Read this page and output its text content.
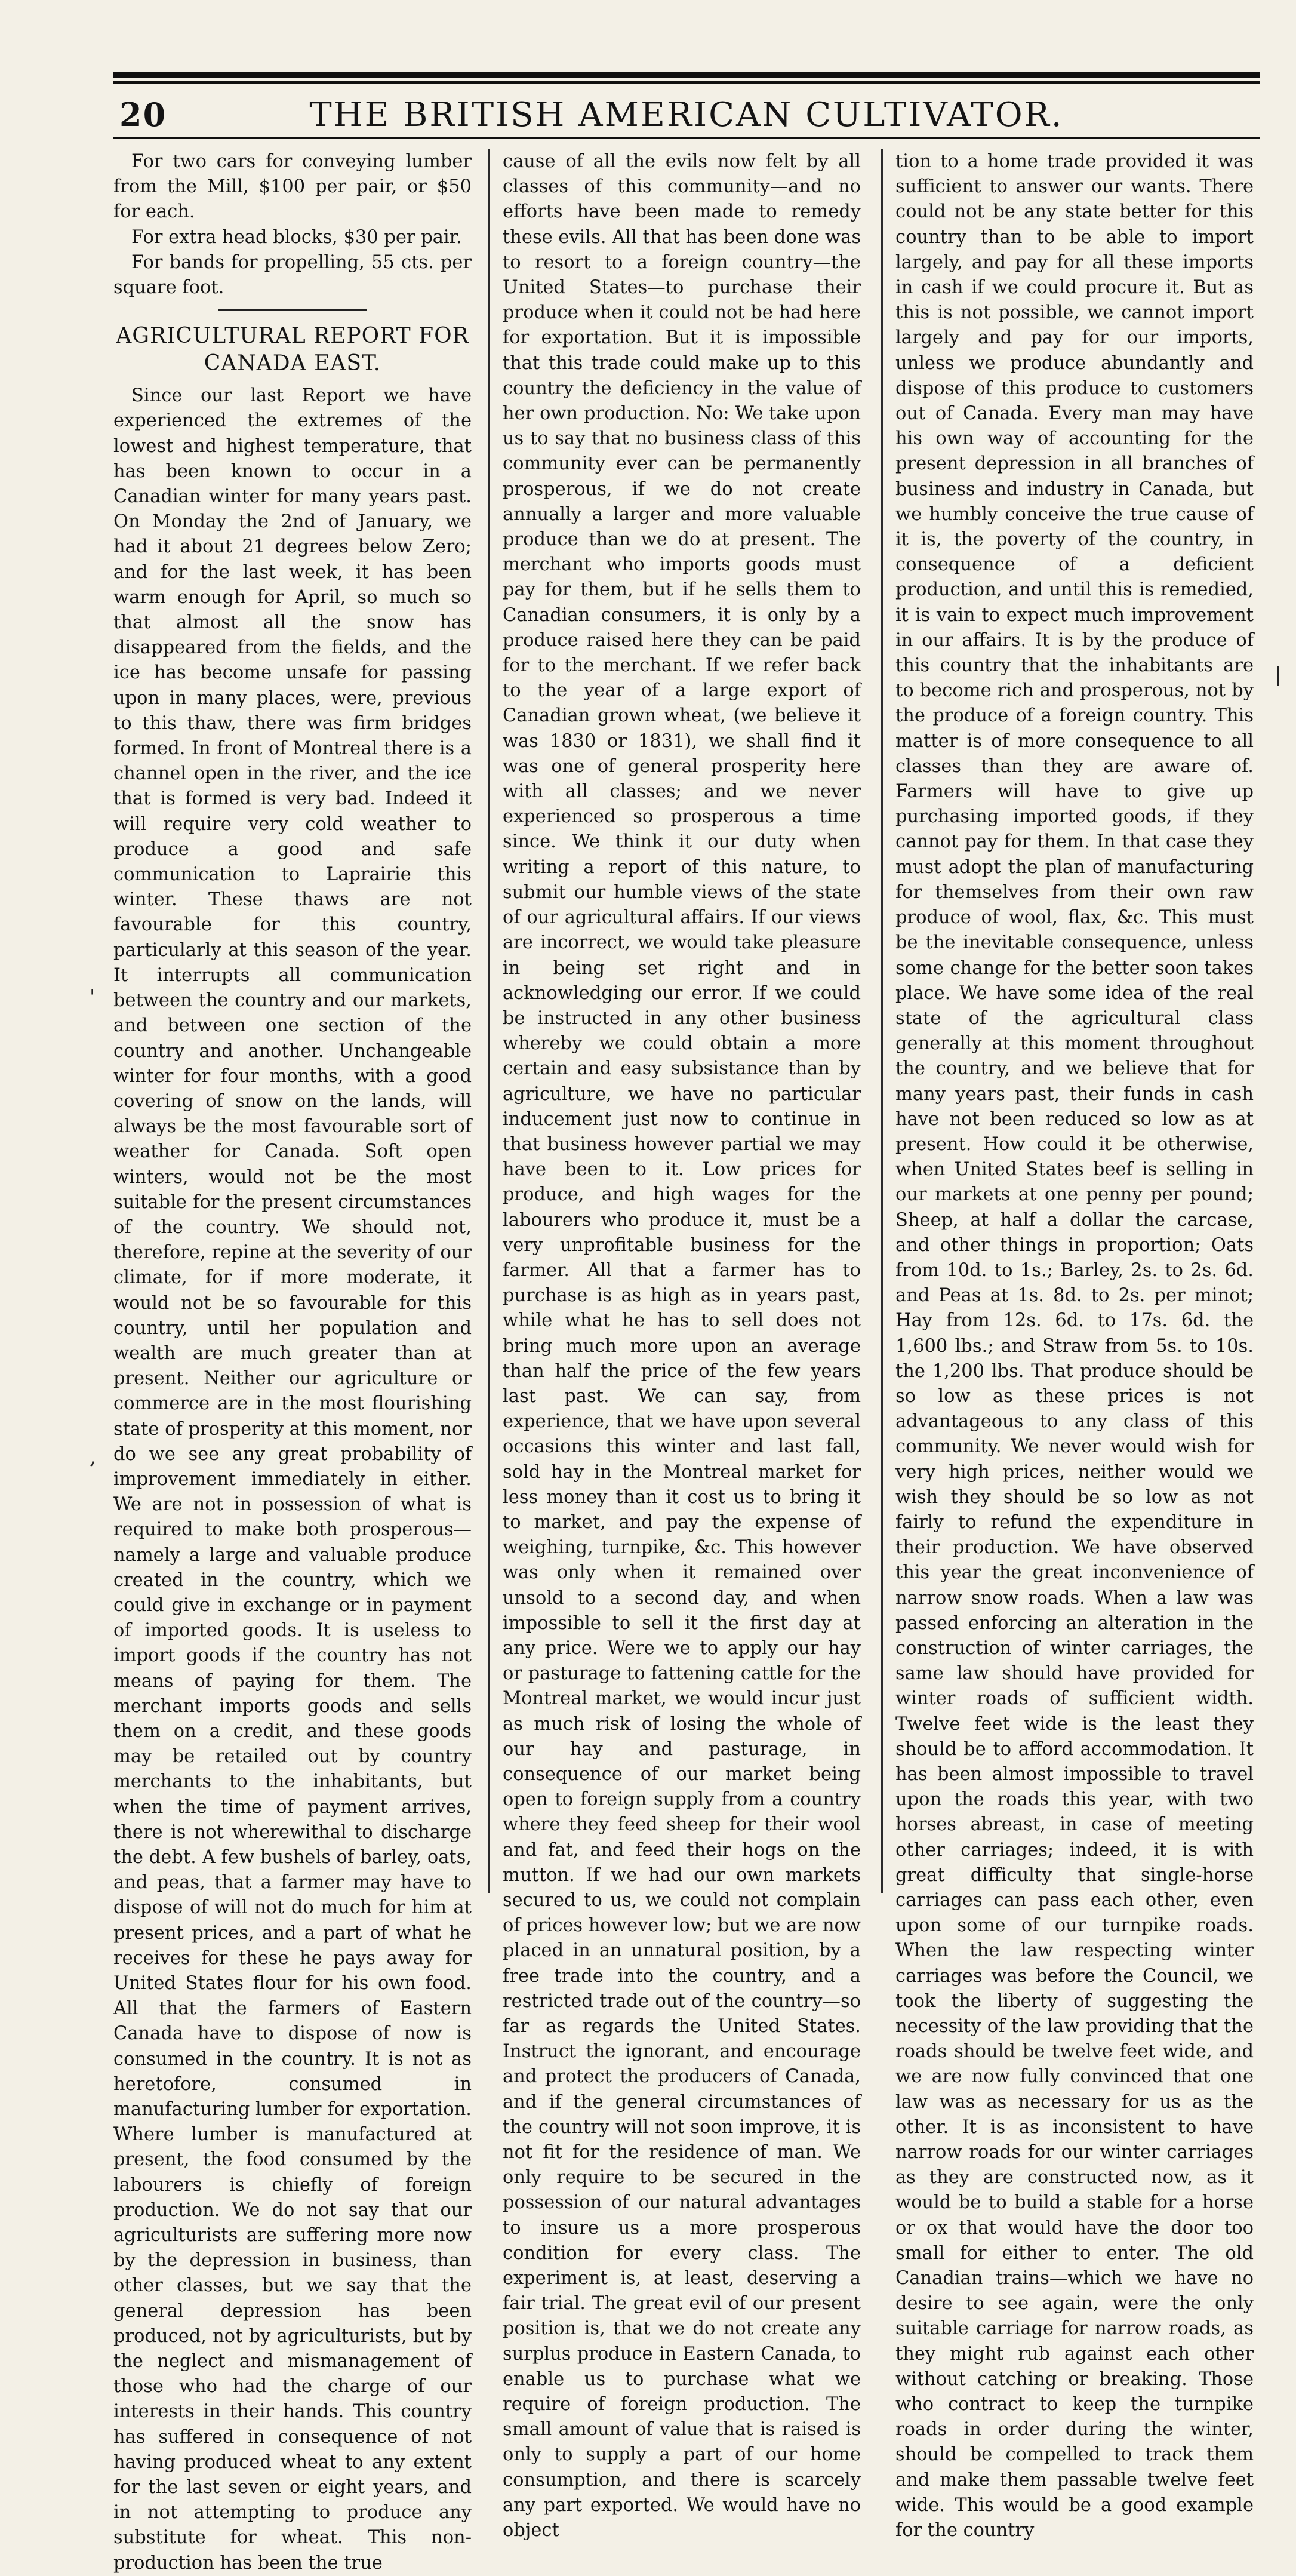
20	THE BRITISH AMERICAN CULTIVATOR.

For two cars for conveying lumber from the Mill, $100 per pair, or $50 for each.

For extra head blocks, $30 per pair.

For bands for propelling, 55 cts. per square foot.

AGRICULTURAL REPORT FOR CANADA EAST.

Since our last Report we have experienced the extremes of the lowest and highest temperature, that has been known to occur in a Canadian winter for many years past. On Monday the 2nd of January, we had it about 21 degrees below Zero; and for the last week, it has been warm enough for April, so much so that almost all the snow has disappeared from the fields, and the ice has become unsafe for passing upon in many places, were, previous to this thaw, there was firm bridges formed. In front of Montreal there is a channel open in the river, and the ice that is formed is very bad. Indeed it will require very cold weather to produce a good and safe communication to Laprairie this winter. These thaws are not favourable for this country, particularly at this season of the year. It interrupts all communication between the country and our markets, and between one section of the country and another. Unchangeable winter for four months, with a good covering of snow on the lands, will always be the most favourable sort of weather for Canada. Soft open winters, would not be the most suitable for the present circumstances of the country. We should not, therefore, repine at the severity of our climate, for if more moderate, it would not be so favourable for this country, until her population and wealth are much greater than at present. Neither our agriculture or commerce are in the most flourishing state of prosperity at this moment, nor do we see any great probability of improvement immediately in either. We are not in possession of what is required to make both prosperous—namely a large and valuable produce created in the country, which we could give in exchange or in payment of imported goods. It is useless to import goods if the country has not means of paying for them. The merchant imports goods and sells them on a credit, and these goods may be retailed out by country merchants to the inhabitants, but when the time of payment arrives, there is not wherewithal to discharge the debt. A few bushels of barley, oats, and peas, that a farmer may have to dispose of will not do much for him at present prices, and a part of what he receives for these he pays away for United States flour for his own food. All that the farmers of Eastern Canada have to dispose of now is consumed in the country. It is not as heretofore, consumed in manufacturing lumber for exportation. Where lumber is manufactured at present, the food consumed by the labourers is chiefly of foreign production. We do not say that our agriculturists are suffering more now by the depression in business, than other classes, but we say that the general depression has been produced, not by agriculturists, but by the neglect and mismanagement of those who had the charge of our interests in their hands. This country has suffered in consequence of not having produced wheat to any extent for the last seven or eight years, and in not attempting to produce any substitute for wheat. This non-production has been the true

cause of all the evils now felt by all classes of this community—and no efforts have been made to remedy these evils. All that has been done was to resort to a foreign country—the United States—to purchase their produce when it could not be had here for exportation. But it is impossible that this trade could make up to this country the deficiency in the value of her own production. No: We take upon us to say that no business class of this community ever can be permanently prosperous, if we do not create annually a larger and more valuable produce than we do at present. The merchant who imports goods must pay for them, but if he sells them to Canadian consumers, it is only by a produce raised here they can be paid for to the merchant. If we refer back to the year of a large export of Canadian grown wheat, (we believe it was 1830 or 1831), we shall find it was one of general prosperity here with all classes; and we never experienced so prosperous a time since. We think it our duty when writing a report of this nature, to submit our humble views of the state of our agricultural affairs. If our views are incorrect, we would take pleasure in being set right and in acknowledging our error. If we could be instructed in any other business whereby we could obtain a more certain and easy subsistance than by agriculture, we have no particular inducement just now to continue in that business however partial we may have been to it. Low prices for produce, and high wages for the labourers who produce it, must be a very unprofitable business for the farmer. All that a farmer has to purchase is as high as in years past, while what he has to sell does not bring much more upon an average than half the price of the few years last past. We can say, from experience, that we have upon several occasions this winter and last fall, sold hay in the Montreal market for less money than it cost us to bring it to market, and pay the expense of weighing, turnpike, &c. This however was only when it remained over unsold to a second day, and when impossible to sell it the first day at any price. Were we to apply our hay or pasturage to fattening cattle for the Montreal market, we would incur just as much risk of losing the whole of our hay and pasturage, in consequence of our market being open to foreign supply from a country where they feed sheep for their wool and fat, and feed their hogs on the mutton. If we had our own markets secured to us, we could not complain of prices however low; but we are now placed in an unnatural position, by a free trade into the country, and a restricted trade out of the country—so far as regards the United States. Instruct the ignorant, and encourage and protect the producers of Canada, and if the general circumstances of the country will not soon improve, it is not fit for the residence of man. We only require to be secured in the possession of our natural advantages to insure us a more prosperous condition for every class. The experiment is, at least, deserving a fair trial. The great evil of our present position is, that we do not create any surplus produce in Eastern Canada, to enable us to purchase what we require of foreign production. The small amount of value that is raised is only to supply a part of our home consumption, and there is scarcely any part exported. We would have no object

tion to a home trade provided it was sufficient to answer our wants. There could not be any state better for this country than to be able to import largely, and pay for all these imports in cash if we could procure it. But as this is not possible, we cannot import largely and pay for our imports, unless we produce abundantly and dispose of this produce to customers out of Canada. Every man may have his own way of accounting for the present depression in all branches of business and industry in Canada, but we humbly conceive the true cause of it is, the poverty of the country, in consequence of a deficient production, and until this is remedied, it is vain to expect much improvement in our affairs. It is by the produce of this country that the inhabitants are to become rich and prosperous, not by the produce of a foreign country. This matter is of more consequence to all classes than they are aware of. Farmers will have to give up purchasing imported goods, if they cannot pay for them. In that case they must adopt the plan of manufacturing for themselves from their own raw produce of wool, flax, &c. This must be the inevitable consequence, unless some change for the better soon takes place. We have some idea of the real state of the agricultural class generally at this moment throughout the country, and we believe that for many years past, their funds in cash have not been reduced so low as at present. How could it be otherwise, when United States beef is selling in our markets at one penny per pound; Sheep, at half a dollar the carcase, and other things in proportion; Oats from 10d. to 1s.; Barley, 2s. to 2s. 6d. and Peas at 1s. 8d. to 2s. per minot; Hay from 12s. 6d. to 17s. 6d. the 1,600 lbs.; and Straw from 5s. to 10s. the 1,200 lbs. That produce should be so low as these prices is not advantageous to any class of this community. We never would wish for very high prices, neither would we wish they should be so low as not fairly to refund the expenditure in their production. We have observed this year the great inconvenience of narrow snow roads. When a law was passed enforcing an alteration in the construction of winter carriages, the same law should have provided for winter roads of sufficient width. Twelve feet wide is the least they should be to afford accommodation. It has been almost impossible to travel upon the roads this year, with two horses abreast, in case of meeting other carriages; indeed, it is with great difficulty that single-horse carriages can pass each other, even upon some of our turnpike roads. When the law respecting winter carriages was before the Council, we took the liberty of suggesting the necessity of the law providing that the roads should be twelve feet wide, and we are now fully convinced that one law was as necessary for us as the other. It is as inconsistent to have narrow roads for our winter carriages as they are constructed now, as it would be to build a stable for a horse or ox that would have the door too small for either to enter. The old Canadian trains—which we have no desire to see again, were the only suitable carriage for narrow roads, as they might rub against each other without catching or breaking. Those who contract to keep the turnpike roads in order during the winter, should be compelled to track them and make them passable twelve feet wide. This would be a good example for the country

|
'
,
